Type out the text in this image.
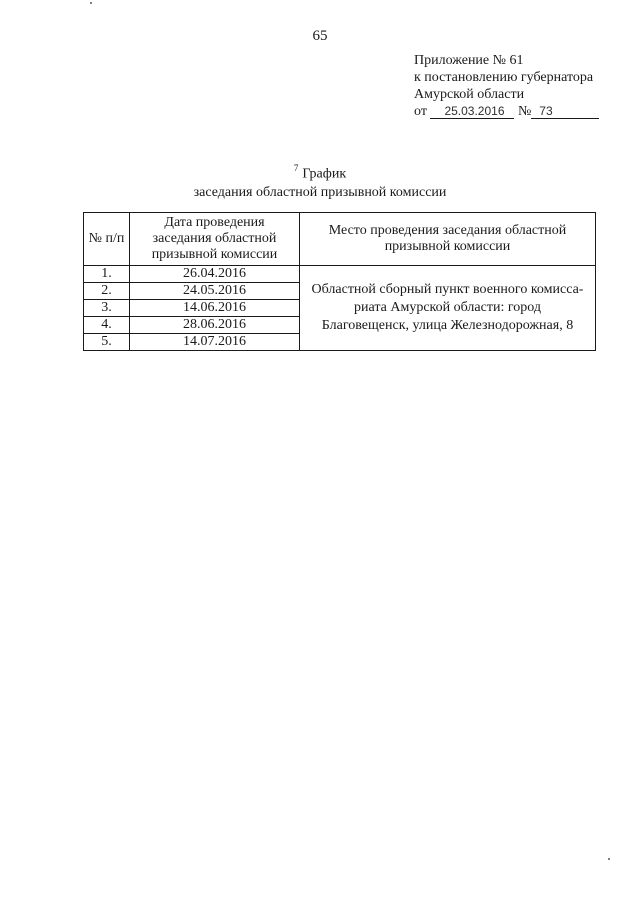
65
Приложение № 61
к постановлению губернатора
Амурской области
от 25.03.2016 № 73
$^7$ График
заседания областной призывной комиссии
№ п/п	Дата проведения заседания областной призывной комиссии	Место проведения заседания областной призывной комиссии
1.	26.04.2016	Областной сборный пункт военного комисса-риата Амурской области: город Благовещенск, улица Железнодорожная, 8
2.	24.05.2016	
3.	14.06.2016	
4.	28.06.2016	
5.	14.07.2016	
